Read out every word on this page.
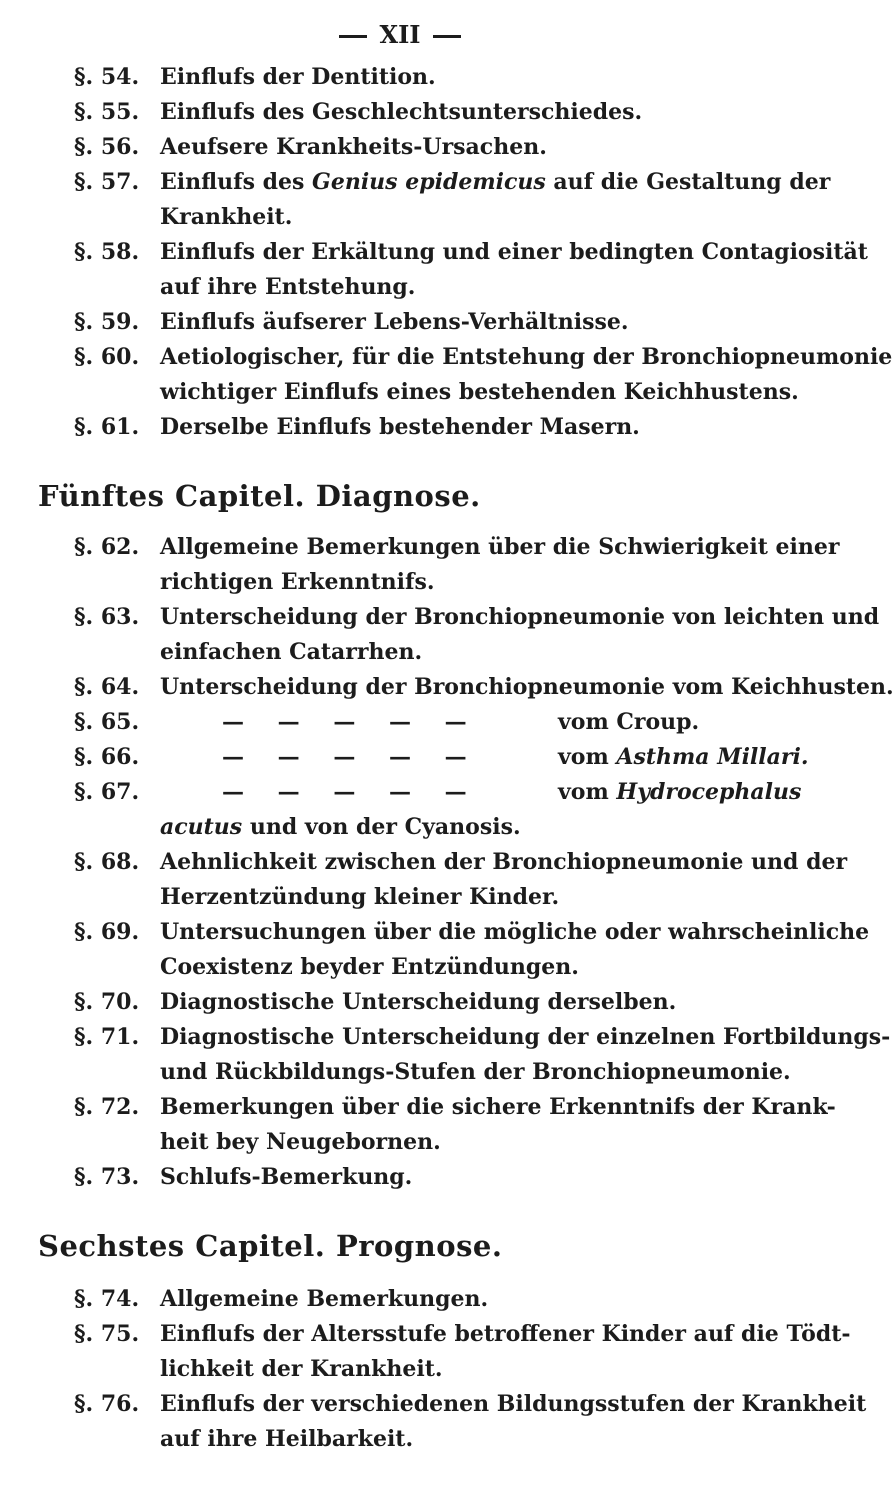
XII
§. 54. Einflufs der Dentition.
§. 55. Einflufs des Geschlechtsunterschiedes.
§. 56. Aeufsere Krankheits-Ursachen.
§. 57. Einflufs des Genius epidemicus auf die Gestaltung der
Krankheit.
§. 58. Einflufs der Erkältung und einer bedingten Contagiosität
auf ihre Entstehung.
§. 59. Einflufs äufserer Lebens-Verhältnisse.
§. 60. Aetiologischer, für die Entstehung der Bronchiopneumonie
wichtiger Einflufs eines bestehenden Keichhustens.
§. 61. Derselbe Einflufs bestehender Masern.
Fünftes Capitel. Diagnose.
§. 62. Allgemeine Bemerkungen über die Schwierigkeit einer
richtigen Erkenntnifs.
§. 63. Unterscheidung der Bronchiopneumonie von leichten und
einfachen Catarrhen.
§. 64. Unterscheidung der Bronchiopneumonie vom Keichhusten.
§. 65.	— — — — —	vom Croup.
§. 66.	— — — — —	vom Asthma Millari.
§. 67.	— — — — —	vom Hydrocephalus
acutus und von der Cyanosis.
§. 68. Aehnlichkeit zwischen der Bronchiopneumonie und der
Herzentzündung kleiner Kinder.
§. 69. Untersuchungen über die mögliche oder wahrscheinliche
Coexistenz beyder Entzündungen.
§. 70. Diagnostische Unterscheidung derselben.
§. 71. Diagnostische Unterscheidung der einzelnen Fortbildungs-
und Rückbildungs-Stufen der Bronchiopneumonie.
§. 72. Bemerkungen über die sichere Erkenntnifs der Krank-
heit bey Neugebornen.
§. 73. Schlufs-Bemerkung.
Sechstes Capitel. Prognose.
§. 74. Allgemeine Bemerkungen.
§. 75. Einflufs der Altersstufe betroffener Kinder auf die Tödt-
lichkeit der Krankheit.
§. 76. Einflufs der verschiedenen Bildungsstufen der Krankheit
auf ihre Heilbarkeit.
